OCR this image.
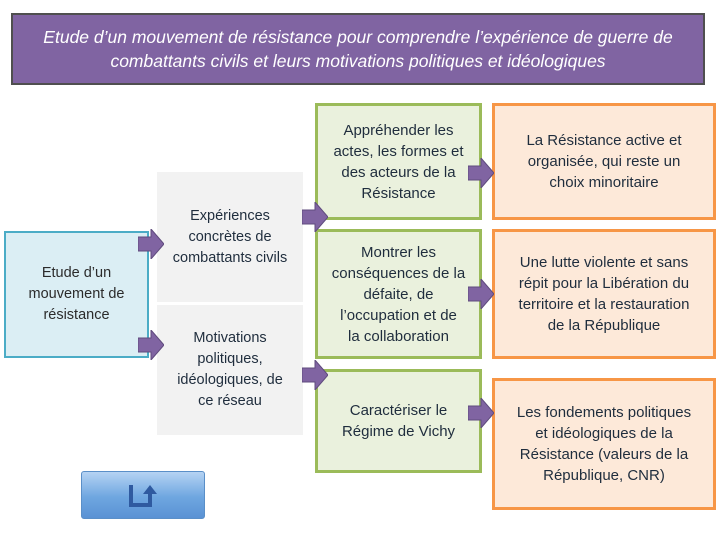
Etude d’un mouvement de résistance pour comprendre l’expérience de guerre de
combattants civils et leurs motivations politiques et idéologiques
Etude d’un
mouvement de
résistance
Expériences
concrètes de
combattants civils
Motivations
politiques,
idéologiques, de
ce réseau
Appréhender les
actes, les formes et
des acteurs de la
Résistance
Montrer les
conséquences de la
défaite, de
l’occupation et de
la collaboration
Caractériser le
Régime de Vichy
La Résistance active et
organisée, qui reste un
choix minoritaire
Une lutte violente et sans
répit pour la Libération du
territoire et la restauration
de la République
Les fondements politiques
et idéologiques de la
Résistance (valeurs de la
République, CNR)
